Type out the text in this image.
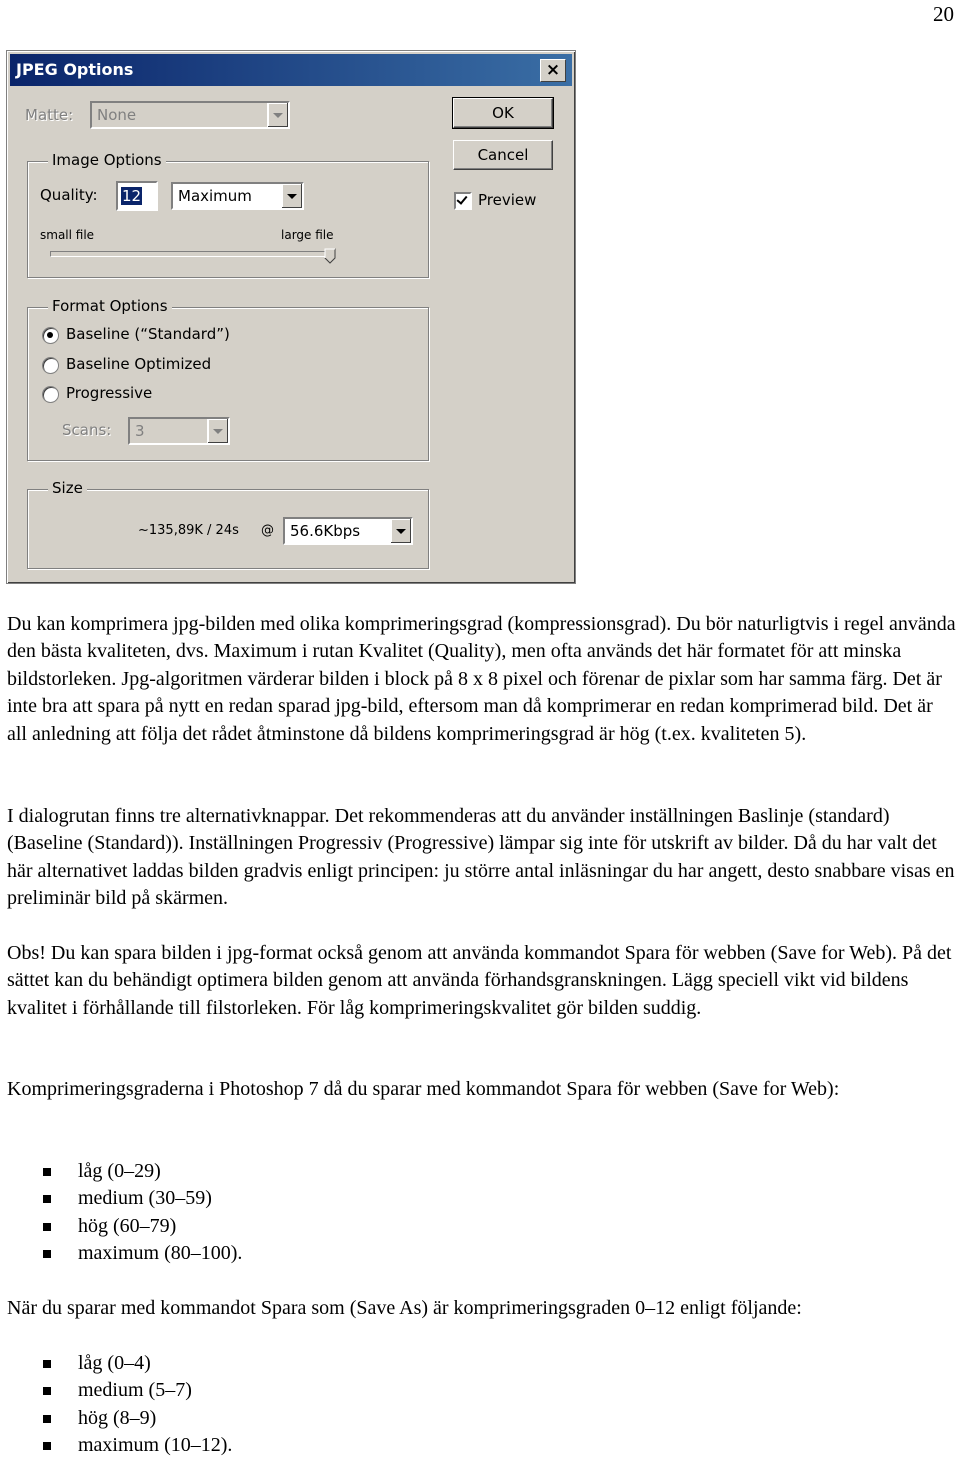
20
JPEG Options	×
Matte: None	OK
Cancel
Preview
Image Options
Quality: 12 Maximum
small file	large file
Format Options
Baseline (“Standard”)
Baseline Optimized
Progressive
Scans: 3
Size
~135,89K / 24s @ 56.6Kbps

Du kan komprimera jpg-bilden med olika komprimeringsgrad (kompressionsgrad). Du bör naturligtvis i regel använda den bästa kvaliteten, dvs. Maximum i rutan Kvalitet (Quality), men ofta används det här formatet för att minska bildstorleken. Jpg-algoritmen värderar bilden i block på 8 x 8 pixel och förenar de pixlar som har samma färg. Det är inte bra att spara på nytt en redan sparad jpg-bild, eftersom man då komprimerar en redan komprimerad bild. Det är all anledning att följa det rådet åtminstone då bildens komprimeringsgrad är hög (t.ex. kvaliteten 5).

I dialogrutan finns tre alternativknappar. Det rekommenderas att du använder inställningen Baslinje (standard) (Baseline (Standard)). Inställningen Progressiv (Progressive) lämpar sig inte för utskrift av bilder. Då du har valt det här alternativet laddas bilden gradvis enligt principen: ju större antal inläsningar du har angett, desto snabbare visas en preliminär bild på skärmen.

Obs! Du kan spara bilden i jpg-format också genom att använda kommandot Spara för webben (Save for Web). På det sättet kan du behändigt optimera bilden genom att använda förhandsgranskningen. Lägg speciell vikt vid bildens kvalitet i förhållande till filstorleken. För låg komprimeringskvalitet gör bilden suddig.

Komprimeringsgraderna i Photoshop 7 då du sparar med kommandot Spara för webben (Save for Web):

låg (0–29)
medium (30–59)
hög (60–79)
maximum (80–100).

När du sparar med kommandot Spara som (Save As) är komprimeringsgraden 0–12 enligt följande:

låg (0–4)
medium (5–7)
hög (8–9)
maximum (10–12).
